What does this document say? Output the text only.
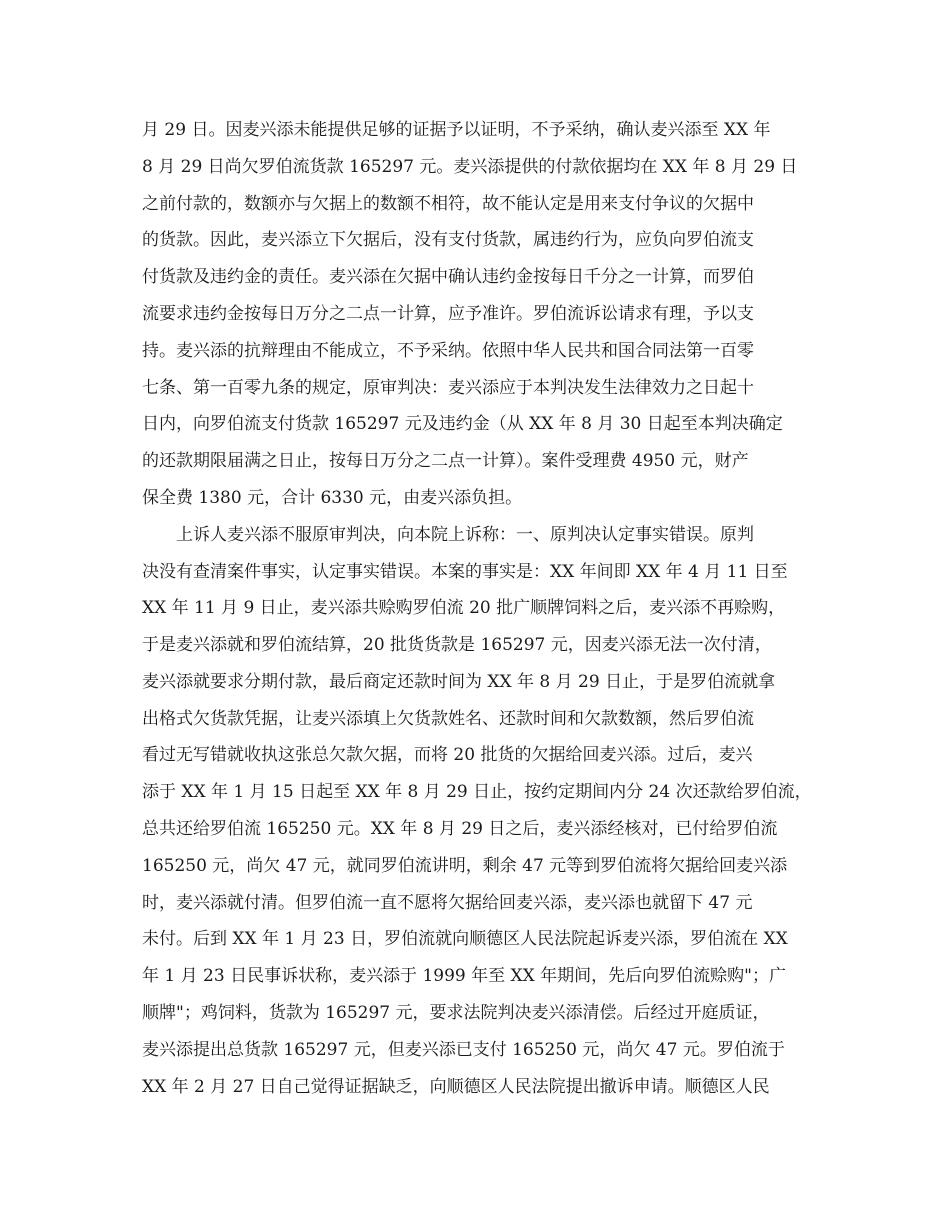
月 29 日。因麦兴添未能提供足够的证据予以证明，不予采纳，确认麦兴添至 XX 年
8 月 29 日尚欠罗伯流货款 165297 元。麦兴添提供的付款依据均在 XX 年 8 月 29 日
之前付款的，数额亦与欠据上的数额不相符，故不能认定是用来支付争议的欠据中
的货款。因此，麦兴添立下欠据后，没有支付货款，属违约行为，应负向罗伯流支
付货款及违约金的责任。麦兴添在欠据中确认违约金按每日千分之一计算，而罗伯
流要求违约金按每日万分之二点一计算，应予准许。罗伯流诉讼请求有理，予以支
持。麦兴添的抗辩理由不能成立，不予采纳。依照中华人民共和国合同法第一百零
七条、第一百零九条的规定，原审判决：麦兴添应于本判决发生法律效力之日起十
日内，向罗伯流支付货款 165297 元及违约金（从 XX 年 8 月 30 日起至本判决确定
的还款期限届满之日止，按每日万分之二点一计算）。案件受理费 4950 元，财产
保全费 1380 元，合计 6330 元，由麦兴添负担。
上诉人麦兴添不服原审判决，向本院上诉称：一、原判决认定事实错误。原判
决没有查清案件事实，认定事实错误。本案的事实是：XX 年间即 XX 年 4 月 11 日至
XX 年 11 月 9 日止，麦兴添共赊购罗伯流 20 批广顺牌饲料之后，麦兴添不再赊购，
于是麦兴添就和罗伯流结算，20 批货货款是 165297 元，因麦兴添无法一次付清，
麦兴添就要求分期付款，最后商定还款时间为 XX 年 8 月 29 日止，于是罗伯流就拿
出格式欠货款凭据，让麦兴添填上欠货款姓名、还款时间和欠款数额，然后罗伯流
看过无写错就收执这张总欠款欠据，而将 20 批货的欠据给回麦兴添。过后，麦兴
添于 XX 年 1 月 15 日起至 XX 年 8 月 29 日止，按约定期间内分 24 次还款给罗伯流，
总共还给罗伯流 165250 元。XX 年 8 月 29 日之后，麦兴添经核对，已付给罗伯流
165250 元，尚欠 47 元，就同罗伯流讲明，剩余 47 元等到罗伯流将欠据给回麦兴添
时，麦兴添就付清。但罗伯流一直不愿将欠据给回麦兴添，麦兴添也就留下 47 元
未付。后到 XX 年 1 月 23 日，罗伯流就向顺德区人民法院起诉麦兴添，罗伯流在 XX
年 1 月 23 日民事诉状称，麦兴添于 1999 年至 XX 年期间，先后向罗伯流赊购"；广
顺牌"；鸡饲料，货款为 165297 元，要求法院判决麦兴添清偿。后经过开庭质证，
麦兴添提出总货款 165297 元，但麦兴添已支付 165250 元，尚欠 47 元。罗伯流于
XX 年 2 月 27 日自己觉得证据缺乏，向顺德区人民法院提出撤诉申请。顺德区人民
